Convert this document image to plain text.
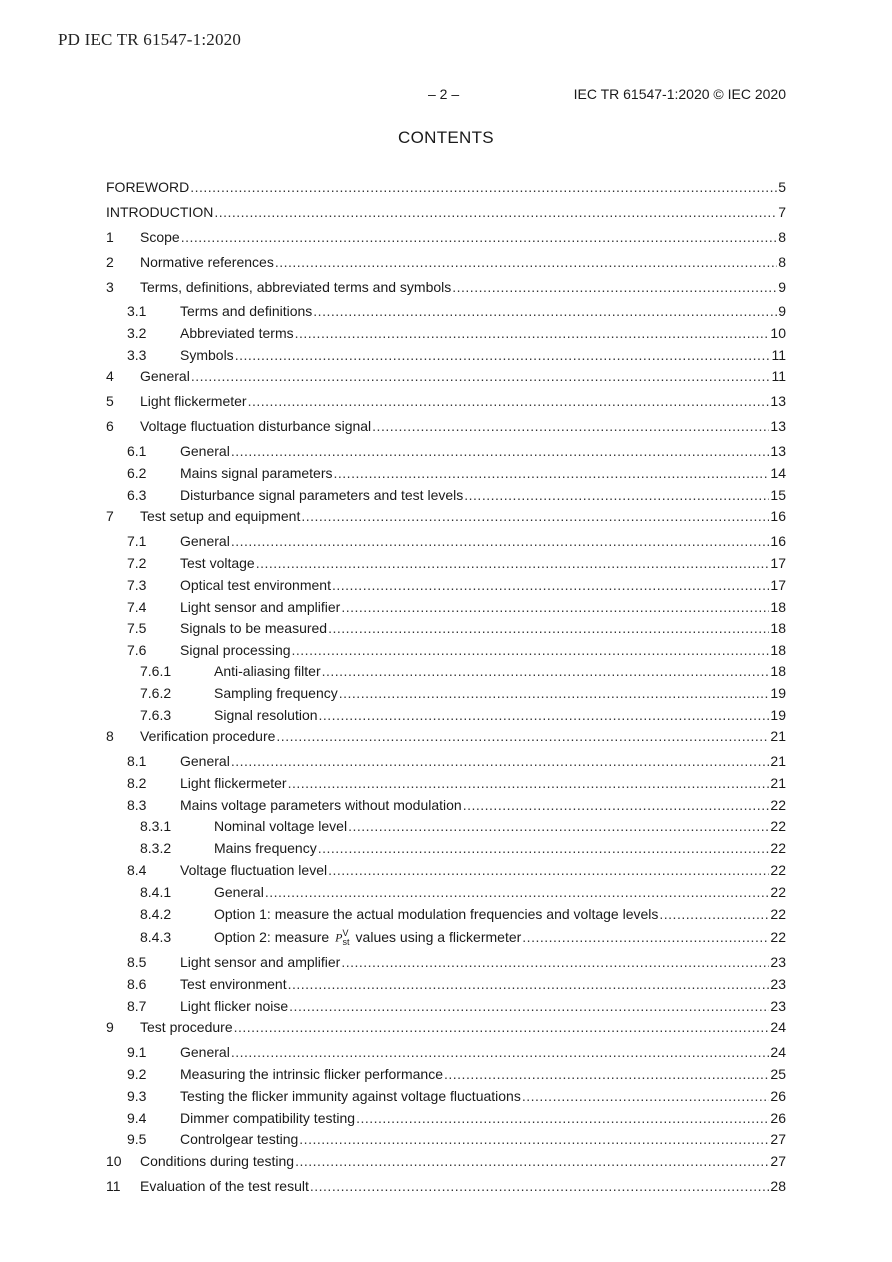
PD IEC TR 61547-1:2020
– 2 –	IEC TR 61547-1:2020 © IEC 2020
CONTENTS
FOREWORD .....	5
INTRODUCTION .....	7
1	Scope .....	8
2	Normative references .....	8
3	Terms, definitions, abbreviated terms and symbols .....	9
3.1	Terms and definitions .....	9
3.2	Abbreviated terms .....	10
3.3	Symbols .....	11
4	General .....	11
5	Light flickermeter .....	13
6	Voltage fluctuation disturbance signal .....	13
6.1	General .....	13
6.2	Mains signal parameters .....	14
6.3	Disturbance signal parameters and test levels .....	15
7	Test setup and equipment .....	16
7.1	General .....	16
7.2	Test voltage .....	17
7.3	Optical test environment .....	17
7.4	Light sensor and amplifier .....	18
7.5	Signals to be measured .....	18
7.6	Signal processing .....	18
7.6.1	Anti-aliasing filter .....	18
7.6.2	Sampling frequency .....	19
7.6.3	Signal resolution .....	19
8	Verification procedure .....	21
8.1	General .....	21
8.2	Light flickermeter .....	21
8.3	Mains voltage parameters without modulation .....	22
8.3.1	Nominal voltage level .....	22
8.3.2	Mains frequency .....	22
8.4	Voltage fluctuation level .....	22
8.4.1	General .....	22
8.4.2	Option 1: measure the actual modulation frequencies and voltage levels .....	22
8.4.3	Option 2: measure $P^V_{st}$ values using a flickermeter .....	22
8.5	Light sensor and amplifier .....	23
8.6	Test environment .....	23
8.7	Light flicker noise .....	23
9	Test procedure .....	24
9.1	General .....	24
9.2	Measuring the intrinsic flicker performance .....	25
9.3	Testing the flicker immunity against voltage fluctuations .....	26
9.4	Dimmer compatibility testing .....	26
9.5	Controlgear testing .....	27
10	Conditions during testing .....	27
11	Evaluation of the test result .....	28
